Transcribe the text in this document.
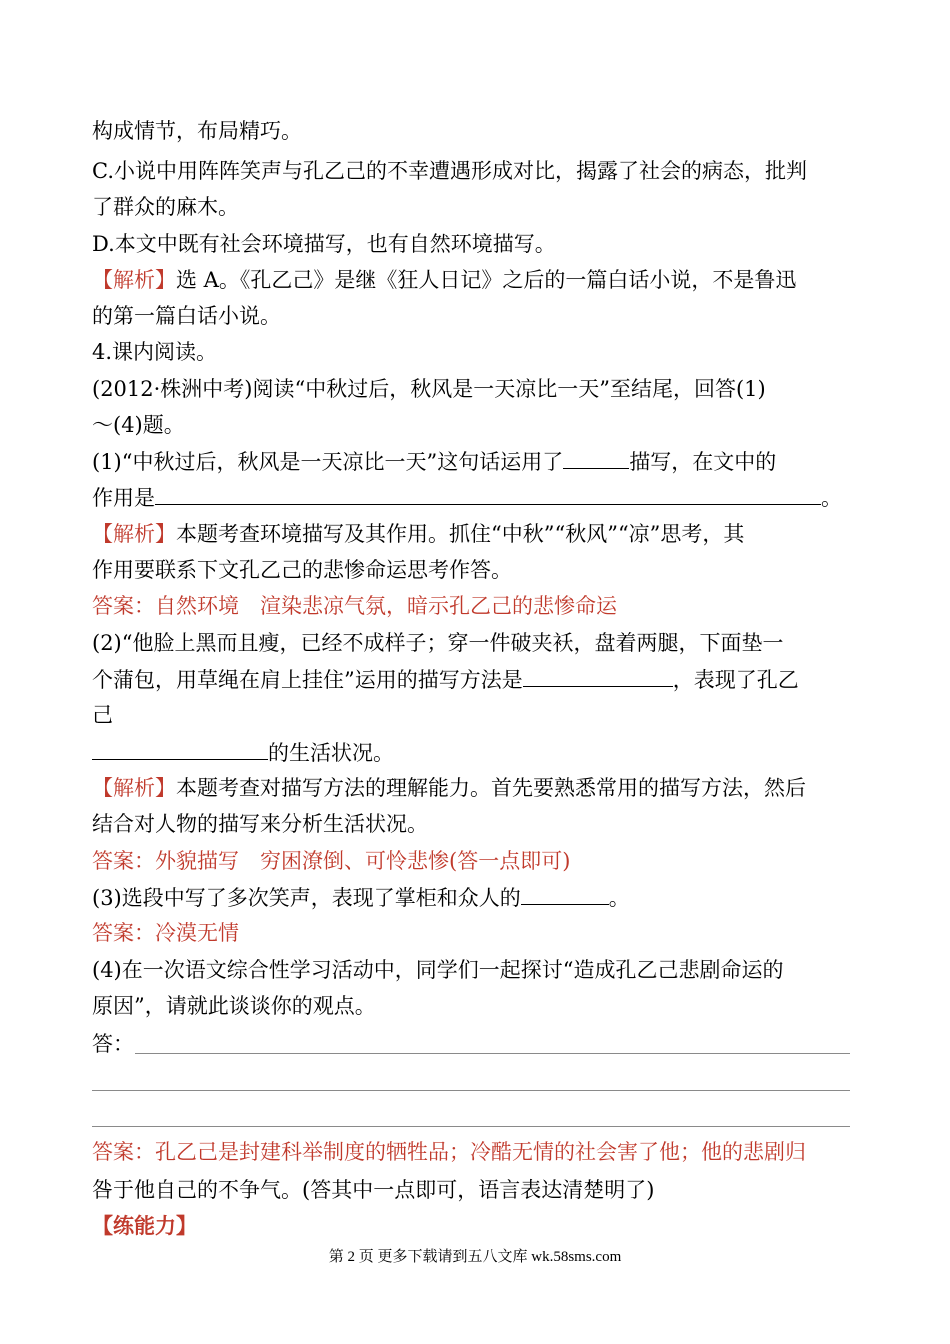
构成情节，布局精巧。
C.小说中用阵阵笑声与孔乙己的不幸遭遇形成对比，揭露了社会的病态，批判
了群众的麻木。
D.本文中既有社会环境描写，也有自然环境描写。
【解析】选 A。《孔乙己》是继《狂人日记》之后的一篇白话小说，不是鲁迅
的第一篇白话小说。
4.课内阅读。
(2012·株洲中考)阅读“中秋过后，秋风是一天凉比一天”至结尾，回答(1)
～(4)题。
(1)“中秋过后，秋风是一天凉比一天”这句话运用了	描写，在文中的
作用是	。
【解析】本题考查环境描写及其作用。抓住“中秋”“秋风”“凉”思考，其
作用要联系下文孔乙己的悲惨命运思考作答。
答案：自然环境　渲染悲凉气氛，暗示孔乙己的悲惨命运
(2)“他脸上黑而且瘦，已经不成样子；穿一件破夹袄，盘着两腿，下面垫一
个蒲包，用草绳在肩上挂住”运用的描写方法是	，表现了孔乙
己
的生活状况。
【解析】本题考查对描写方法的理解能力。首先要熟悉常用的描写方法，然后
结合对人物的描写来分析生活状况。
答案：外貌描写　穷困潦倒、可怜悲惨(答一点即可)
(3)选段中写了多次笑声，表现了掌柜和众人的	。
答案：冷漠无情
(4)在一次语文综合性学习活动中，同学们一起探讨“造成孔乙己悲剧命运的
原因”，请就此谈谈你的观点。
答：
答案：孔乙己是封建科举制度的牺牲品；冷酷无情的社会害了他；他的悲剧归
咎于他自己的不争气。(答其中一点即可，语言表达清楚明了)
【练能力】
第 2 页 更多下载请到五八文库 wk.58sms.com
